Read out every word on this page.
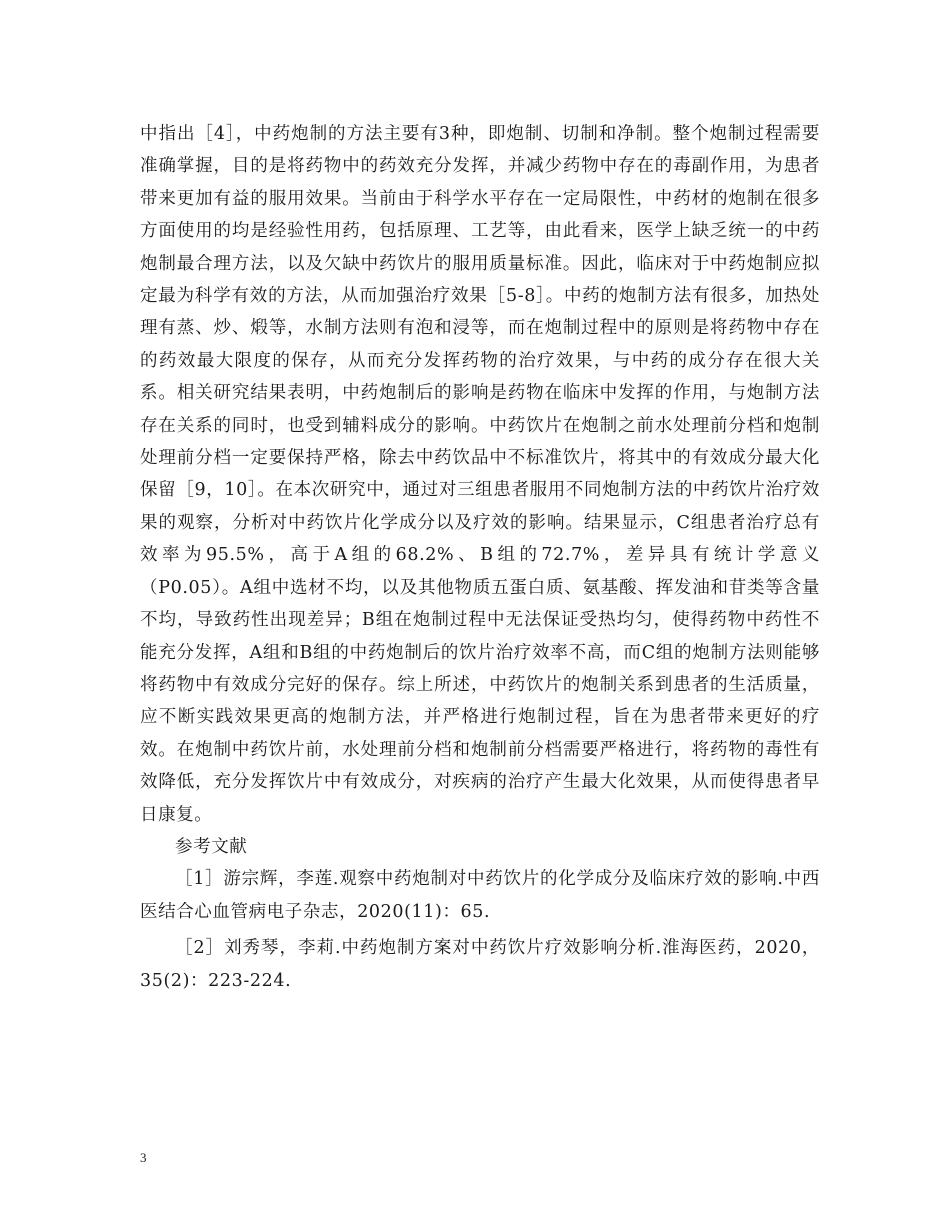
中指出［4］，中药炮制的方法主要有3种，即炮制、切制和净制。整个炮制过程需要准确掌握，目的是将药物中的药效充分发挥，并减少药物中存在的毒副作用，为患者带来更加有益的服用效果。当前由于科学水平存在一定局限性，中药材的炮制在很多方面使用的均是经验性用药，包括原理、工艺等，由此看来，医学上缺乏统一的中药炮制最合理方法，以及欠缺中药饮片的服用质量标准。因此，临床对于中药炮制应拟定最为科学有效的方法，从而加强治疗效果［5-8］。中药的炮制方法有很多，加热处理有蒸、炒、煅等，水制方法则有泡和浸等，而在炮制过程中的原则是将药物中存在的药效最大限度的保存，从而充分发挥药物的治疗效果，与中药的成分存在很大关系。相关研究结果表明，中药炮制后的影响是药物在临床中发挥的作用，与炮制方法存在关系的同时，也受到辅料成分的影响。中药饮片在炮制之前水处理前分档和炮制处理前分档一定要保持严格，除去中药饮品中不标准饮片，将其中的有效成分最大化保留［9，10］。在本次研究中，通过对三组患者服用不同炮制方法的中药饮片治疗效果的观察，分析对中药饮片化学成分以及疗效的影响。结果显示，C组患者治疗总有效率为95.5%，高于A组的68.2%、B组的72.7%，差异具有统计学意义（P0.05）。A组中选材不均，以及其他物质五蛋白质、氨基酸、挥发油和苷类等含量不均，导致药性出现差异；B组在炮制过程中无法保证受热均匀，使得药物中药性不能充分发挥，A组和B组的中药炮制后的饮片治疗效率不高，而C组的炮制方法则能够将药物中有效成分完好的保存。综上所述，中药饮片的炮制关系到患者的生活质量，应不断实践效果更高的炮制方法，并严格进行炮制过程，旨在为患者带来更好的疗效。在炮制中药饮片前，水处理前分档和炮制前分档需要严格进行，将药物的毒性有效降低，充分发挥饮片中有效成分，对疾病的治疗产生最大化效果，从而使得患者早日康复。

参考文献

［1］游宗辉，李莲.观察中药炮制对中药饮片的化学成分及临床疗效的影响.中西医结合心血管病电子杂志，2020(11)：65.

［2］刘秀琴，李莉.中药炮制方案对中药饮片疗效影响分析.淮海医药，2020，35(2)：223-224.

3
